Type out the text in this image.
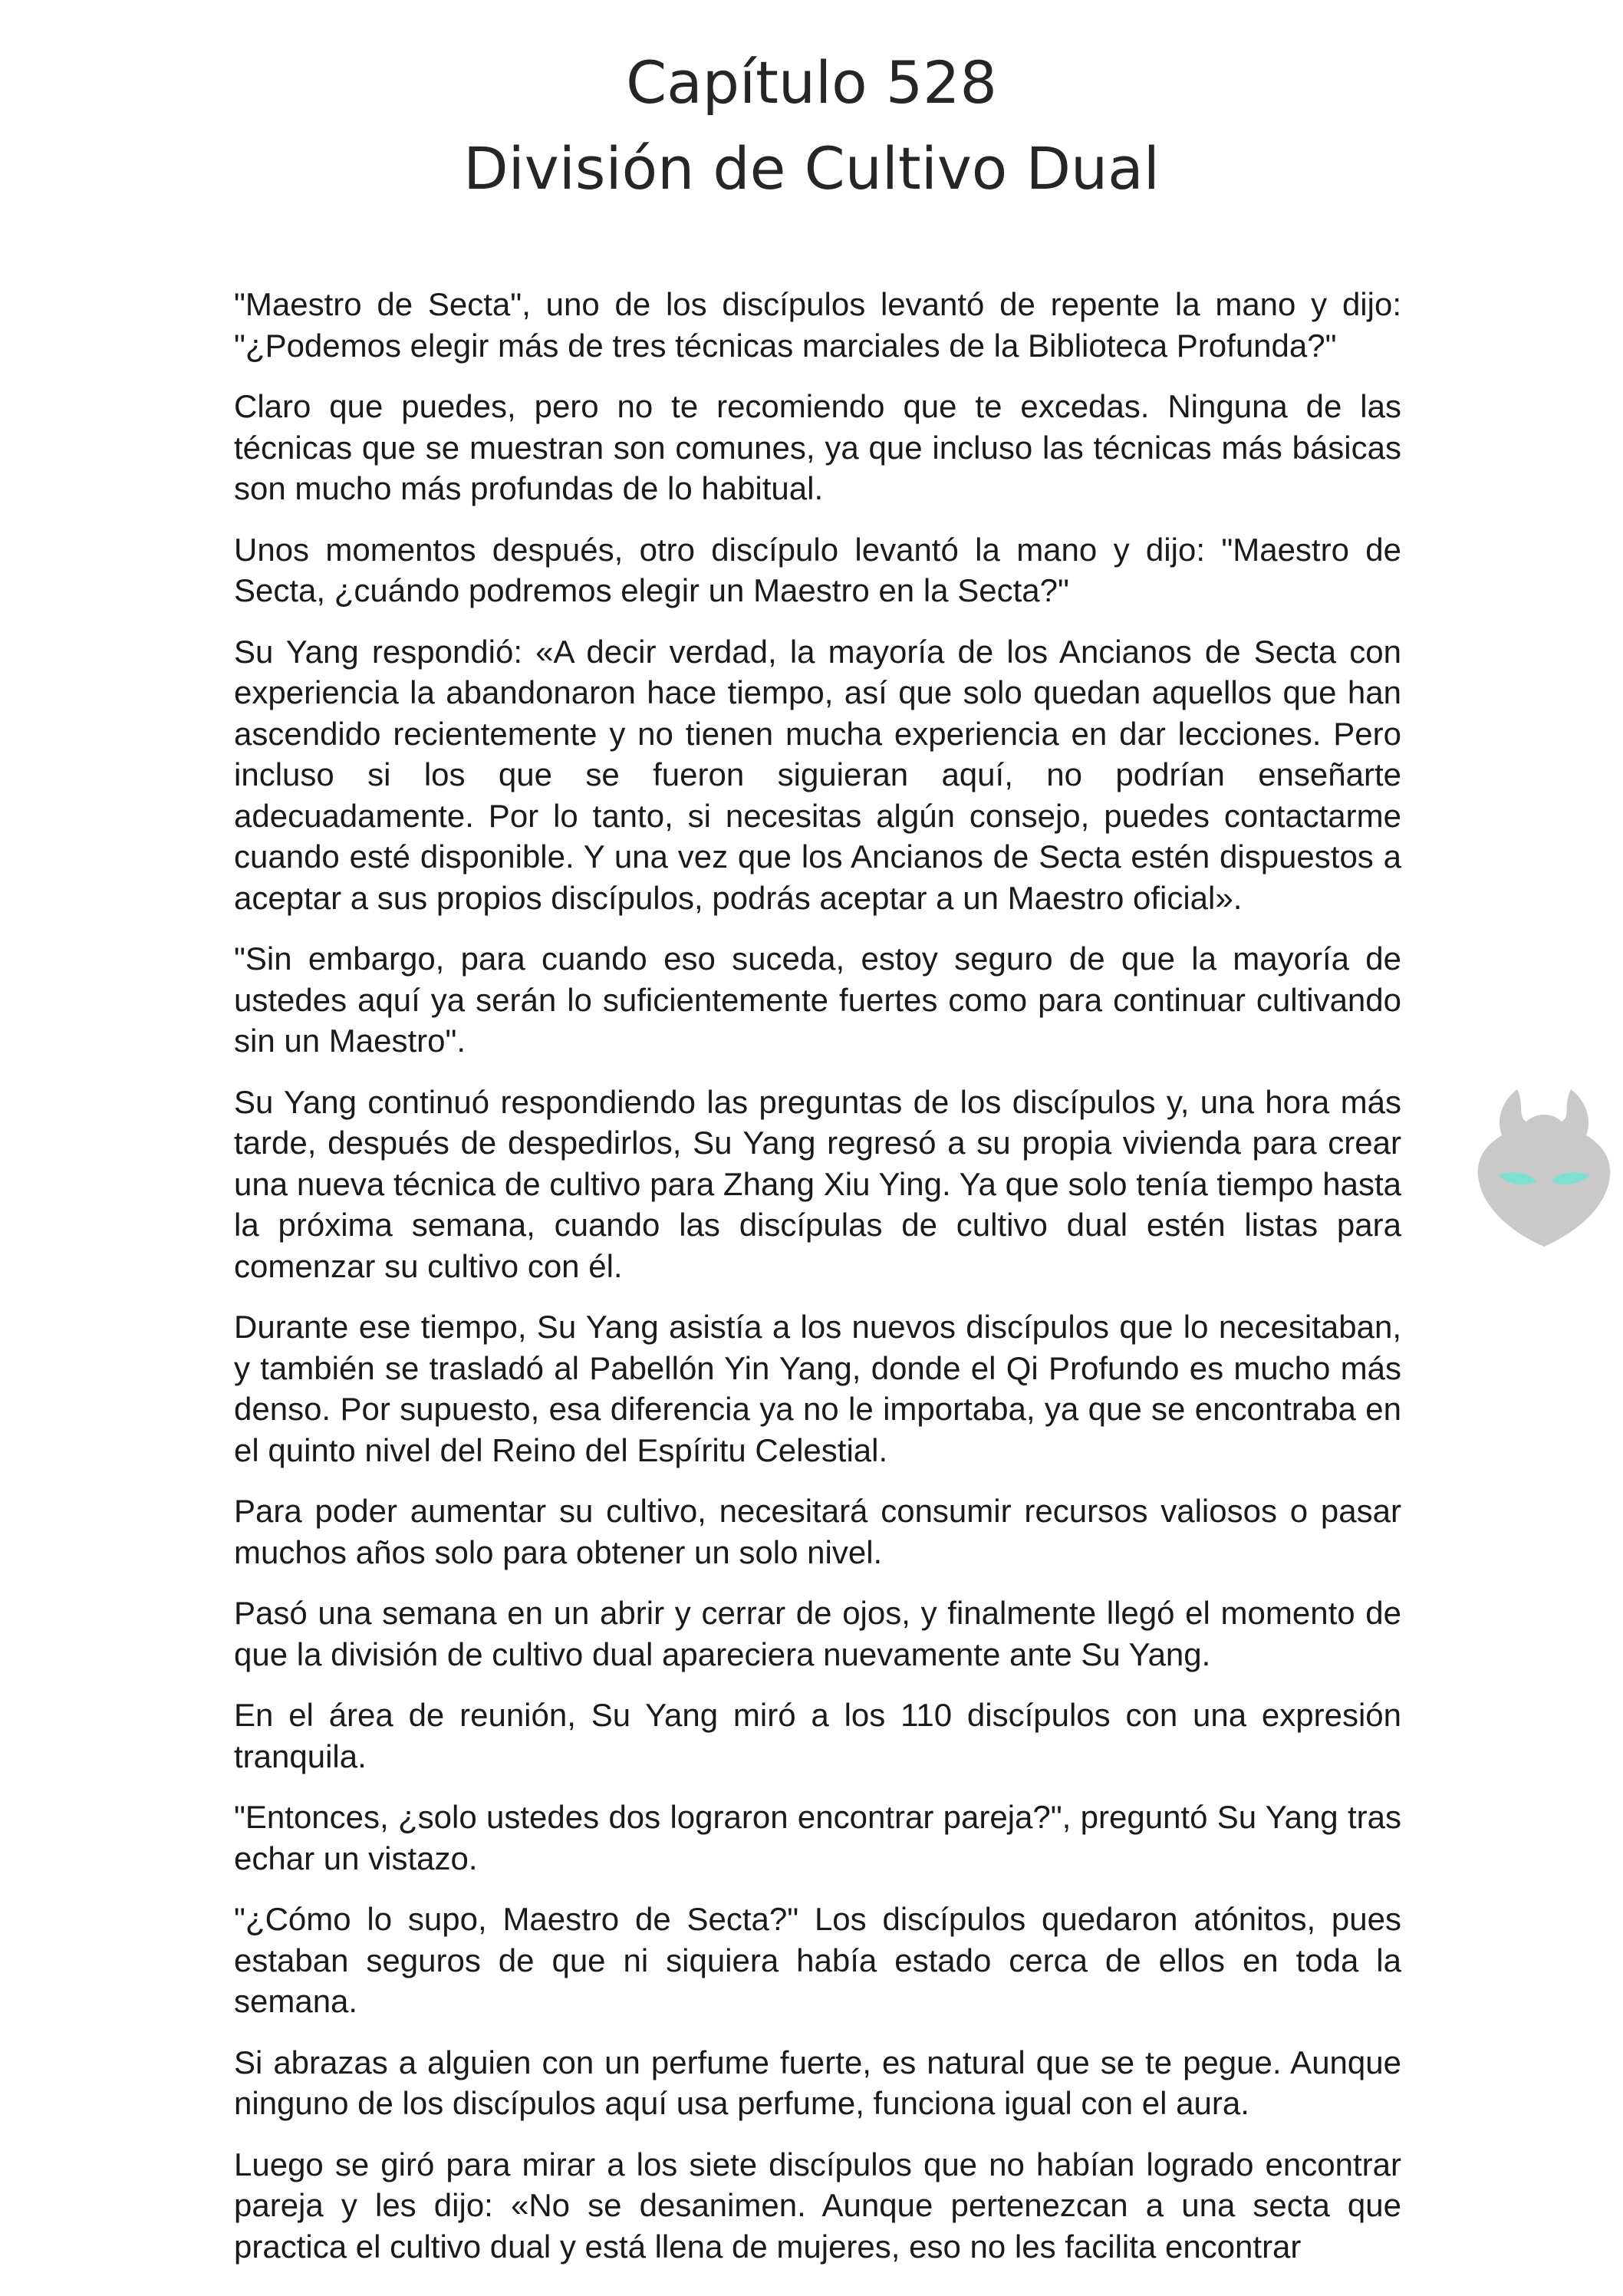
Capítulo 528
División de Cultivo Dual

"Maestro de Secta", uno de los discípulos levantó de repente la mano y dijo: "¿Podemos elegir más de tres técnicas marciales de la Biblioteca Profunda?"

Claro que puedes, pero no te recomiendo que te excedas. Ninguna de las técnicas que se muestran son comunes, ya que incluso las técnicas más básicas son mucho más profundas de lo habitual.

Unos momentos después, otro discípulo levantó la mano y dijo: "Maestro de Secta, ¿cuándo podremos elegir un Maestro en la Secta?"

Su Yang respondió: «A decir verdad, la mayoría de los Ancianos de Secta con experiencia la abandonaron hace tiempo, así que solo quedan aquellos que han ascendido recientemente y no tienen mucha experiencia en dar lecciones. Pero incluso si los que se fueron siguieran aquí, no podrían enseñarte adecuadamente. Por lo tanto, si necesitas algún consejo, puedes contactarme cuando esté disponible. Y una vez que los Ancianos de Secta estén dispuestos a aceptar a sus propios discípulos, podrás aceptar a un Maestro oficial».

"Sin embargo, para cuando eso suceda, estoy seguro de que la mayoría de ustedes aquí ya serán lo suficientemente fuertes como para continuar cultivando sin un Maestro".

Su Yang continuó respondiendo las preguntas de los discípulos y, una hora más tarde, después de despedirlos, Su Yang regresó a su propia vivienda para crear una nueva técnica de cultivo para Zhang Xiu Ying. Ya que solo tenía tiempo hasta la próxima semana, cuando las discípulas de cultivo dual estén listas para comenzar su cultivo con él.

Durante ese tiempo, Su Yang asistía a los nuevos discípulos que lo necesitaban, y también se trasladó al Pabellón Yin Yang, donde el Qi Profundo es mucho más denso. Por supuesto, esa diferencia ya no le importaba, ya que se encontraba en el quinto nivel del Reino del Espíritu Celestial.

Para poder aumentar su cultivo, necesitará consumir recursos valiosos o pasar muchos años solo para obtener un solo nivel.

Pasó una semana en un abrir y cerrar de ojos, y finalmente llegó el momento de que la división de cultivo dual apareciera nuevamente ante Su Yang.

En el área de reunión, Su Yang miró a los 110 discípulos con una expresión tranquila.

"Entonces, ¿solo ustedes dos lograron encontrar pareja?", preguntó Su Yang tras echar un vistazo.

"¿Cómo lo supo, Maestro de Secta?" Los discípulos quedaron atónitos, pues estaban seguros de que ni siquiera había estado cerca de ellos en toda la semana.

Si abrazas a alguien con un perfume fuerte, es natural que se te pegue. Aunque ninguno de los discípulos aquí usa perfume, funciona igual con el aura.

Luego se giró para mirar a los siete discípulos que no habían logrado encontrar pareja y les dijo: «No se desanimen. Aunque pertenezcan a una secta que practica el cultivo dual y está llena de mujeres, eso no les facilita encontrar
